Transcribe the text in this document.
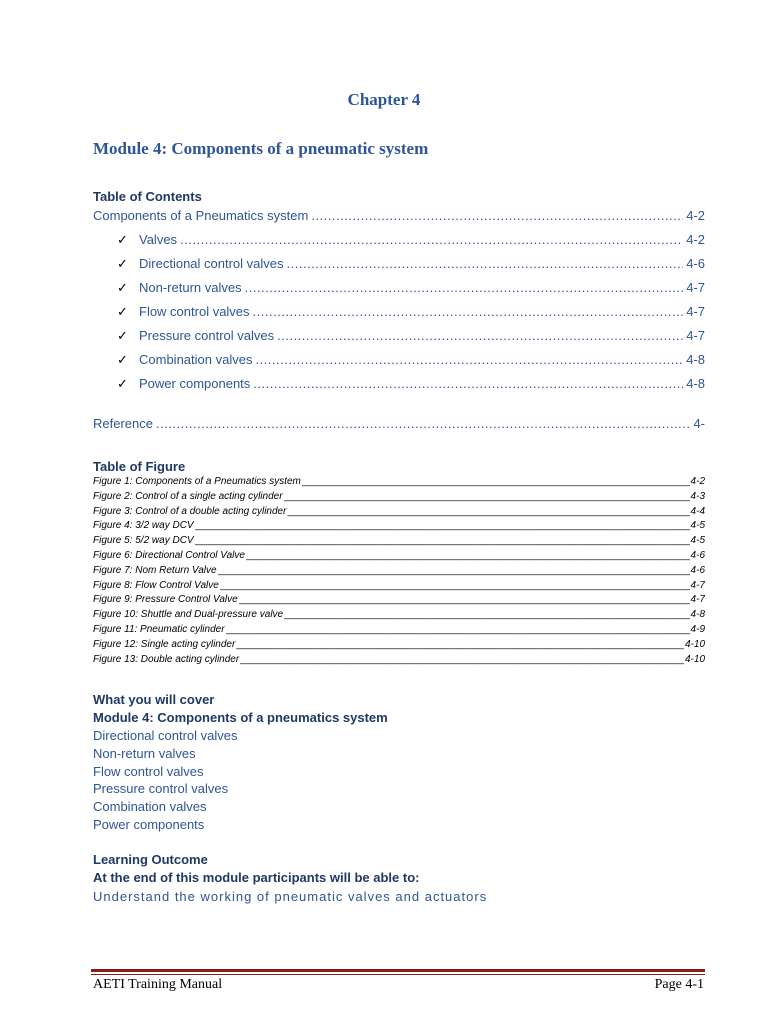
Chapter 4
Module 4: Components of a pneumatic system
Table of Contents
Components of a Pneumatics system .....	4-2
✓ Valves .....	4-2
✓ Directional control valves .....	4-6
✓ Non-return valves .....	4-7
✓ Flow control valves .....	4-7
✓ Pressure control valves .....	4-7
✓ Combination valves .....	4-8
✓ Power components .....	4-8
Reference .....	4-
Table of Figure
Figure 1: Components of a Pneumatics system _____	4-2
Figure 2: Control of a single acting cylinder _____	4-3
Figure 3: Control of a double acting cylinder _____	4-4
Figure 4: 3/2 way DCV _____	4-5
Figure 5: 5/2 way DCV _____	4-5
Figure 6: Directional Control Valve _____	4-6
Figure 7: Nom Return Valve _____	4-6
Figure 8: Flow Control Valve _____	4-7
Figure 9: Pressure Control Valve _____	4-7
Figure 10: Shuttle and Dual-pressure valve _____	4-8
Figure 11: Pneumatic cylinder _____	4-9
Figure 12: Single acting cylinder _____	4-10
Figure 13: Double acting cylinder _____	4-10
What you will cover
Module 4: Components of a pneumatics system
Directional control valves
Non-return valves
Flow control valves
Pressure control valves
Combination valves
Power components
Learning Outcome
At the end of this module participants will be able to:
Understand the working of pneumatic valves and actuators
AETI Training Manual	Page 4-1
